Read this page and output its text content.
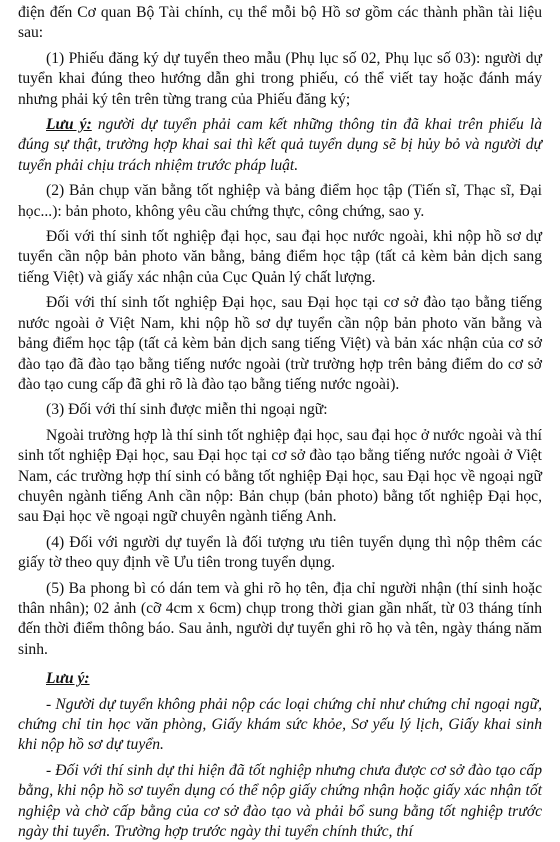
điện đến Cơ quan Bộ Tài chính, cụ thể mỗi bộ Hồ sơ gồm các thành phần tài liệu sau:

(1) Phiếu đăng ký dự tuyển theo mẫu (Phụ lục số 02, Phụ lục số 03): người dự tuyển khai đúng theo hướng dẫn ghi trong phiếu, có thể viết tay hoặc đánh máy nhưng phải ký tên trên từng trang của Phiếu đăng ký;

Lưu ý: người dự tuyển phải cam kết những thông tin đã khai trên phiếu là đúng sự thật, trường hợp khai sai thì kết quả tuyển dụng sẽ bị hủy bỏ và người dự tuyển phải chịu trách nhiệm trước pháp luật.

(2) Bản chụp văn bằng tốt nghiệp và bảng điểm học tập (Tiến sĩ, Thạc sĩ, Đại học...): bản photo, không yêu cầu chứng thực, công chứng, sao y.

Đối với thí sinh tốt nghiệp đại học, sau đại học nước ngoài, khi nộp hồ sơ dự tuyển cần nộp bản photo văn bằng, bảng điểm học tập (tất cả kèm bản dịch sang tiếng Việt) và giấy xác nhận của Cục Quản lý chất lượng.

Đối với thí sinh tốt nghiệp Đại học, sau Đại học tại cơ sở đào tạo bằng tiếng nước ngoài ở Việt Nam, khi nộp hồ sơ dự tuyển cần nộp bản photo văn bằng và bảng điểm học tập (tất cả kèm bản dịch sang tiếng Việt) và bản xác nhận của cơ sở đào tạo đã đào tạo bằng tiếng nước ngoài (trừ trường hợp trên bảng điểm do cơ sở đào tạo cung cấp đã ghi rõ là đào tạo bằng tiếng nước ngoài).

(3) Đối với thí sinh được miễn thi ngoại ngữ:

Ngoài trường hợp là thí sinh tốt nghiệp đại học, sau đại học ở nước ngoài và thí sinh tốt nghiệp Đại học, sau Đại học tại cơ sở đào tạo bằng tiếng nước ngoài ở Việt Nam, các trường hợp thí sinh có bằng tốt nghiệp Đại học, sau Đại học về ngoại ngữ chuyên ngành tiếng Anh cần nộp: Bản chụp (bản photo) bằng tốt nghiệp Đại học, sau Đại học về ngoại ngữ chuyên ngành tiếng Anh.

(4) Đối với người dự tuyển là đối tượng ưu tiên tuyển dụng thì nộp thêm các giấy tờ theo quy định về Ưu tiên trong tuyển dụng.

(5) Ba phong bì có dán tem và ghi rõ họ tên, địa chỉ người nhận (thí sinh hoặc thân nhân); 02 ảnh (cỡ 4cm x 6cm) chụp trong thời gian gần nhất, từ 03 tháng tính đến thời điểm thông báo. Sau ảnh, người dự tuyển ghi rõ họ và tên, ngày tháng năm sinh.

Lưu ý:

- Người dự tuyển không phải nộp các loại chứng chỉ như chứng chỉ ngoại ngữ, chứng chỉ tin học văn phòng, Giấy khám sức khỏe, Sơ yếu lý lịch, Giấy khai sinh khi nộp hồ sơ dự tuyển.

- Đối với thí sinh dự thi hiện đã tốt nghiệp nhưng chưa được cơ sở đào tạo cấp bằng, khi nộp hồ sơ tuyển dụng có thể nộp giấy chứng nhận hoặc giấy xác nhận tốt nghiệp và chờ cấp bằng của cơ sở đào tạo và phải bổ sung bằng tốt nghiệp trước ngày thi tuyển. Trường hợp trước ngày thi tuyển chính thức, thí
